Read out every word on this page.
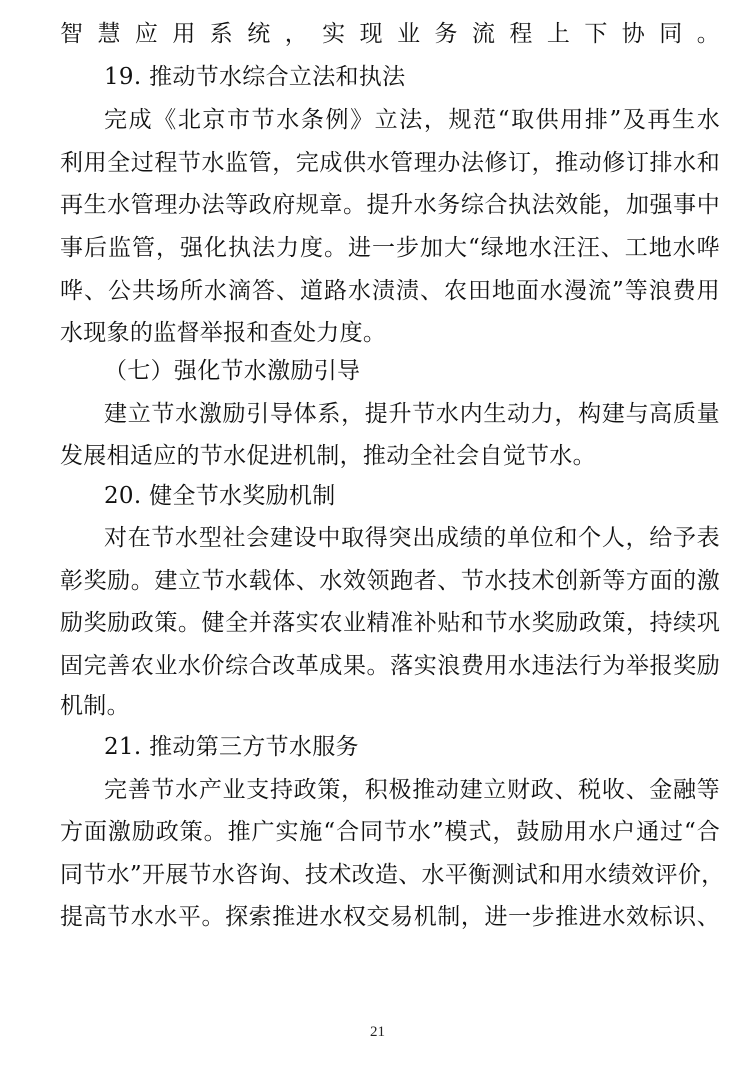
智慧应用系统，实现业务流程上下协同。
19. 推动节水综合立法和执法
完成《北京市节水条例》立法，规范“取供用排”及再生水
利用全过程节水监管，完成供水管理办法修订，推动修订排水和
再生水管理办法等政府规章。提升水务综合执法效能，加强事中
事后监管，强化执法力度。进一步加大“绿地水汪汪、工地水哗
哗、公共场所水滴答、道路水渍渍、农田地面水漫流”等浪费用
水现象的监督举报和查处力度。
（七）强化节水激励引导
建立节水激励引导体系，提升节水内生动力，构建与高质量
发展相适应的节水促进机制，推动全社会自觉节水。
20. 健全节水奖励机制
对在节水型社会建设中取得突出成绩的单位和个人，给予表
彰奖励。建立节水载体、水效领跑者、节水技术创新等方面的激
励奖励政策。健全并落实农业精准补贴和节水奖励政策，持续巩
固完善农业水价综合改革成果。落实浪费用水违法行为举报奖励
机制。
21. 推动第三方节水服务
完善节水产业支持政策，积极推动建立财政、税收、金融等
方面激励政策。推广实施“合同节水”模式，鼓励用水户通过“合
同节水”开展节水咨询、技术改造、水平衡测试和用水绩效评价，
提高节水水平。探索推进水权交易机制，进一步推进水效标识、
21
